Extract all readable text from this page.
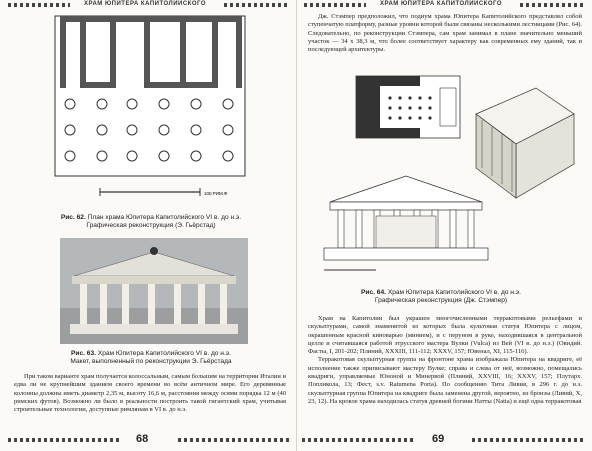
ХРАМ ЮПИТЕРА КАПИТОЛИЙСКОГО
100 РИМ.Ф
Рис. 62. План храма Юпитера Капитолийского VI в. до н.э.
Графическая реконструкция (Э. Гьёрстад)
Рис. 63. Храм Юпитера Капитолийского VI в. до н.э.
Макет, выполненный по реконструкции Э. Гьёрстада

При таком варианте храм получается колоссальным, самым большим на территории Италии и едва ли не крупнейшим зданием своего времени во всём античном мире. Его деревянные колонны должны иметь диаметр 2,35 м, высоту 16,6 м, расстояния между осями порядка 12 м (40 римских футов). Возможно ли было в реальности построить такой гигантский храм, учитывая строительные технологии, доступные римлянам в VI в. до н.э.

68
ХРАМ ЮПИТЕРА КАПИТОЛИЙСКОГО

Дж. Стэмпер предположил, что подиум храма Юпитера Капитолийского представлял собой ступенчатую платформу, разные уровни которой были связаны несколькими лестницами (Рис. 64). Следовательно, по реконструкции Стэмпера, сам храм занимал в плане значительно меньший участок — 34 х 38,3 м, что более соответствует характеру как современных ему зданий, так и последующей архитектуры.

Рис. 64. Храм Юпитера Капитолийского VI в. до н.э.
Графическая реконструкция (Дж. Стэмпер)

Храм на Капитолии был украшен многочисленными терракотовыми рельефами и скульптурами, самой знаменитой из которых была культовая статуя Юпитера с лицом, окрашенным красной киноварью (минием), и с перуном в руке, находившаяся в центральной целле и считавшаяся работой этрусского мастера Вулки (Vulca) из Вей (VI в. до н.э.) (Овидий. Фасты, I, 201-202; Плиний, XXXIII, 111-112; XXXV, 157; Ювенал, XI, 115-116).

Терракотовая скульптурная группа на фронтоне храма изображала Юпитера на квадриге, её исполнение также приписывают мастеру Вулке; справа и слева от неё, возможно, помещались квадриги, управляемые Юноной и Минервой (Плиний, XXVIII, 16; XXXV, 157; Плутарх. Попликола, 13; Фест, s.v. Ratumena Porta). По сообщению Тита Ливия, в 296 г. до н.э. скульптурная группа Юпитера на квадриге была заменена другой, вероятно, из бронзы (Ливий, X, 23, 12). На кровле храма находилась статуя древней богини Натты (Natta) и ещё одна терракотовая

69
